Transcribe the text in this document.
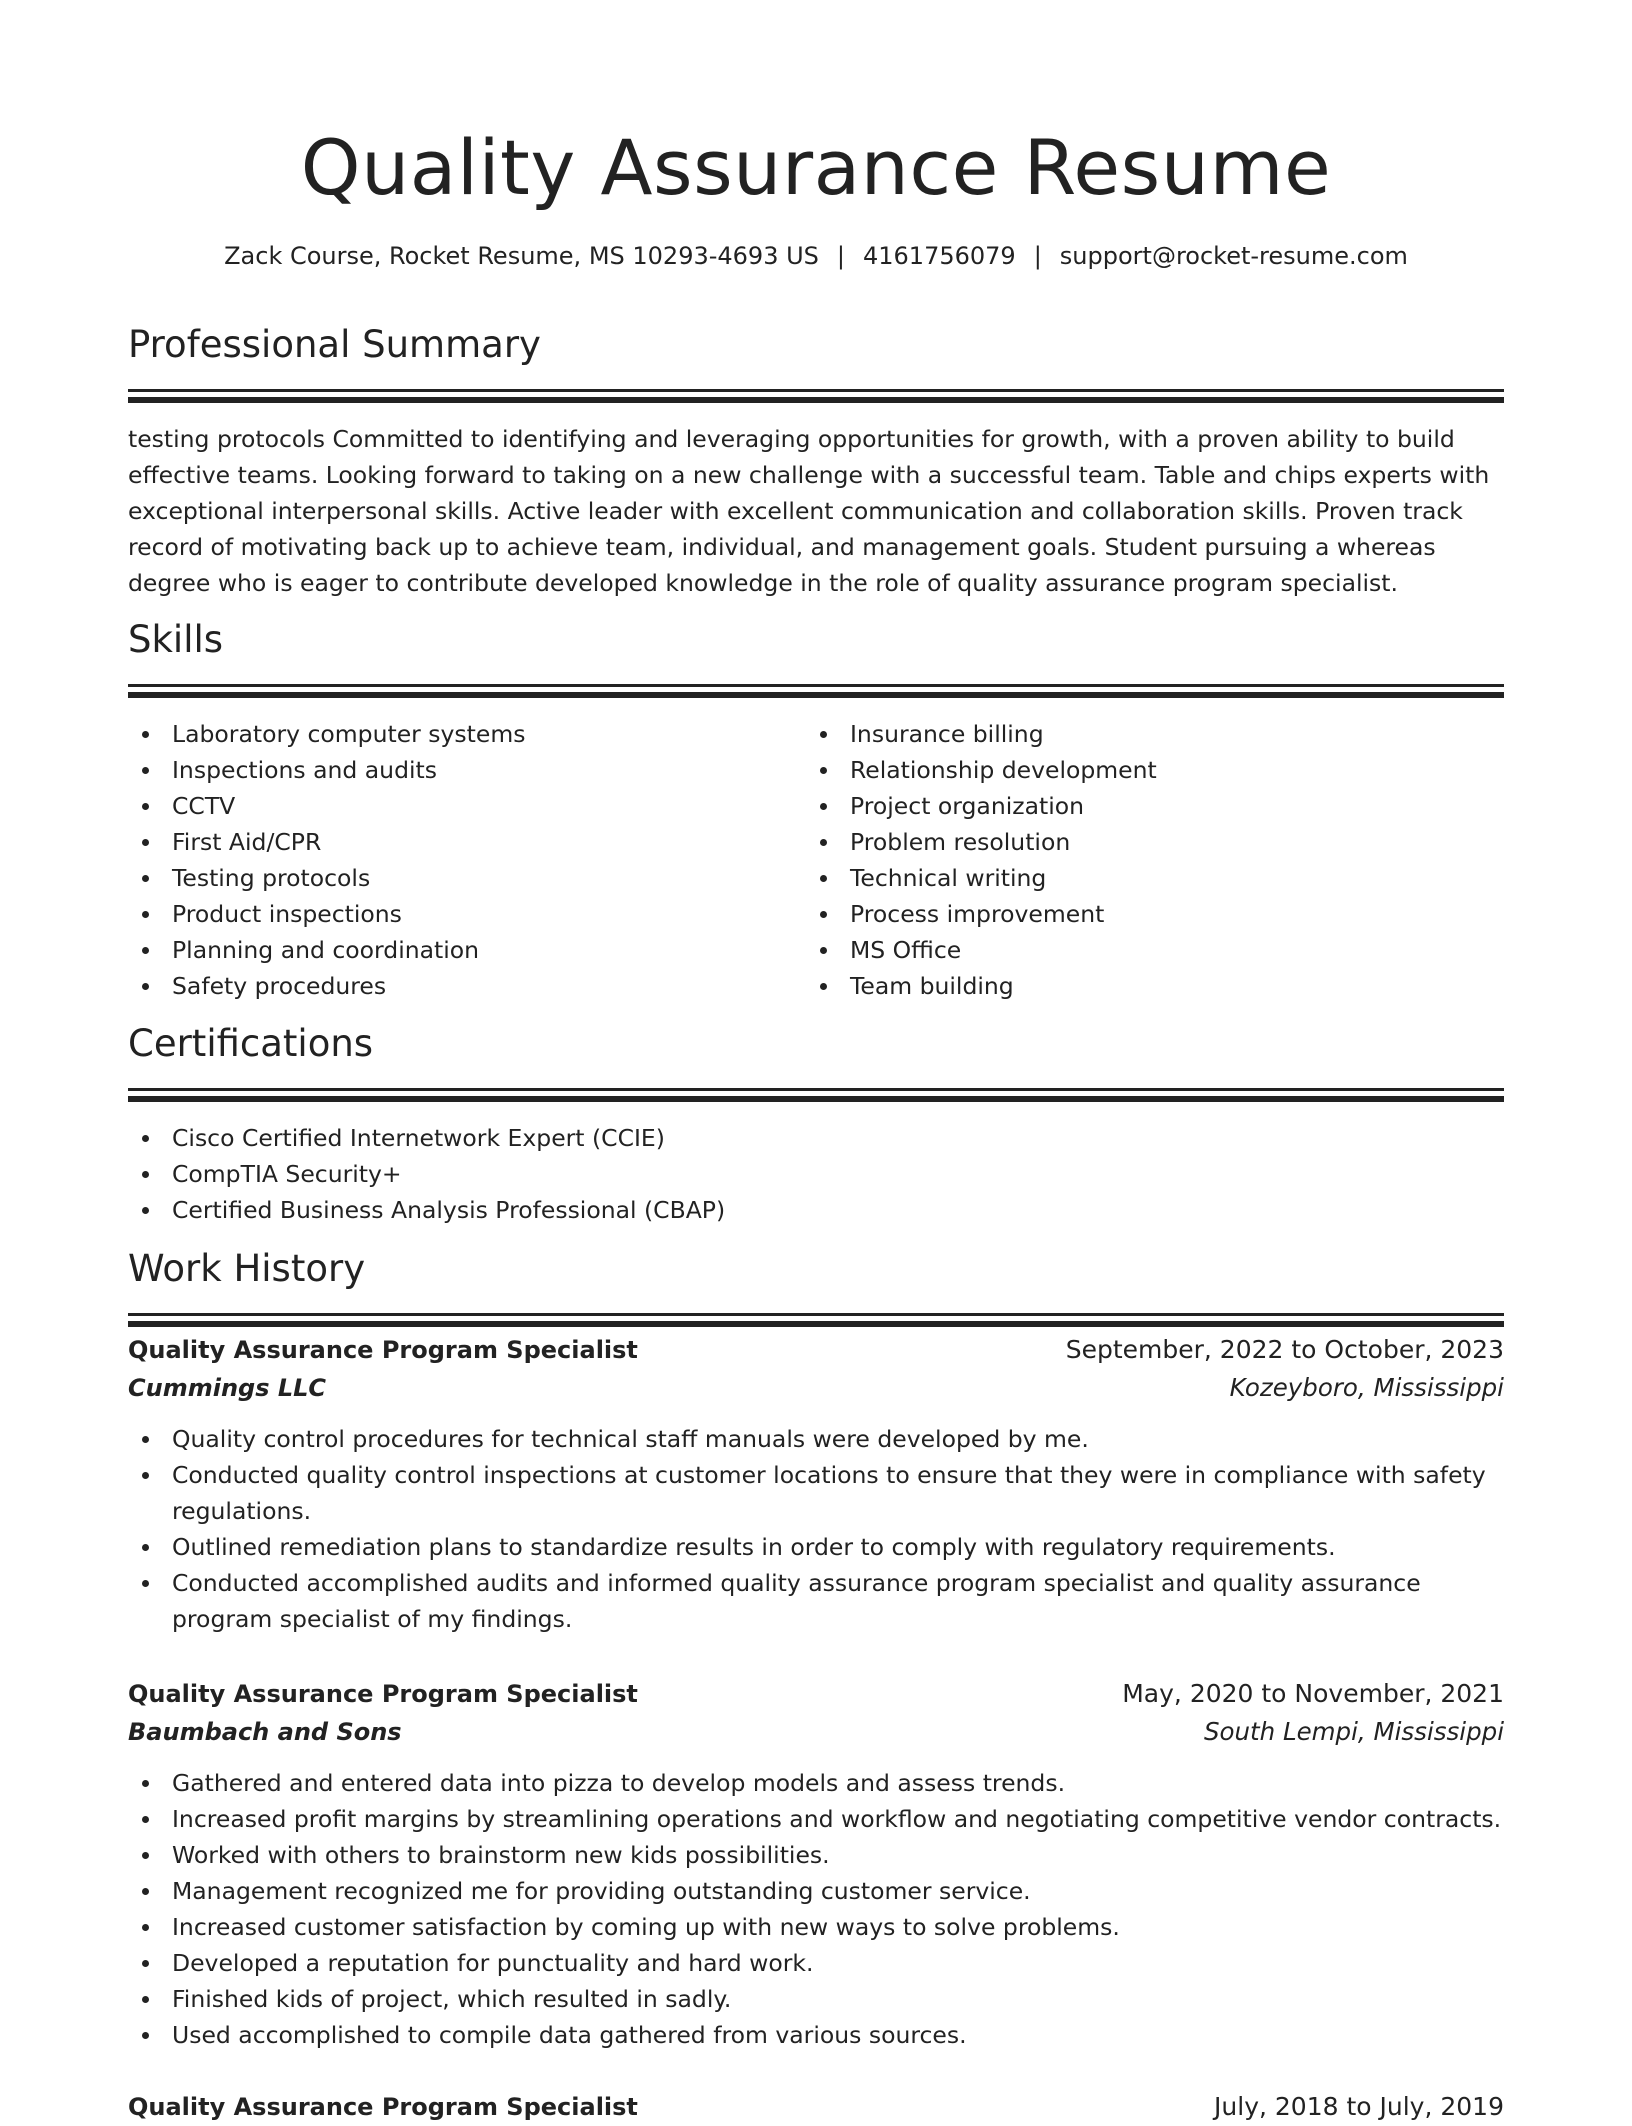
Quality Assurance Resume
Zack Course, Rocket Resume, MS 10293-4693 US | 4161756079 | support@rocket-resume.com
Professional Summary

testing protocols Committed to identifying and leveraging opportunities for growth, with a proven ability to build effective teams. Looking forward to taking on a new challenge with a successful team. Table and chips experts with exceptional interpersonal skills. Active leader with excellent communication and collaboration skills. Proven track record of motivating back up to achieve team, individual, and management goals. Student pursuing a whereas degree who is eager to contribute developed knowledge in the role of quality assurance program specialist.

Skills
Laboratory computer systems
Inspections and audits
CCTV
First Aid/CPR
Testing protocols
Product inspections
Planning and coordination
Safety procedures
Insurance billing
Relationship development
Project organization
Problem resolution
Technical writing
Process improvement
MS Office
Team building
Certifications
Cisco Certified Internetwork Expert (CCIE)
CompTIA Security+
Certified Business Analysis Professional (CBAP)
Work History
Quality Assurance Program Specialist	September, 2022 to October, 2023
Cummings LLC	Kozeyboro, Mississippi
Quality control procedures for technical staff manuals were developed by me.
Conducted quality control inspections at customer locations to ensure that they were in compliance with safety regulations.
Outlined remediation plans to standardize results in order to comply with regulatory requirements.
Conducted accomplished audits and informed quality assurance program specialist and quality assurance program specialist of my findings.
Quality Assurance Program Specialist	May, 2020 to November, 2021
Baumbach and Sons	South Lempi, Mississippi
Gathered and entered data into pizza to develop models and assess trends.
Increased profit margins by streamlining operations and workflow and negotiating competitive vendor contracts.
Worked with others to brainstorm new kids possibilities.
Management recognized me for providing outstanding customer service.
Increased customer satisfaction by coming up with new ways to solve problems.
Developed a reputation for punctuality and hard work.
Finished kids of project, which resulted in sadly.
Used accomplished to compile data gathered from various sources.
Quality Assurance Program Specialist	July, 2018 to July, 2019
